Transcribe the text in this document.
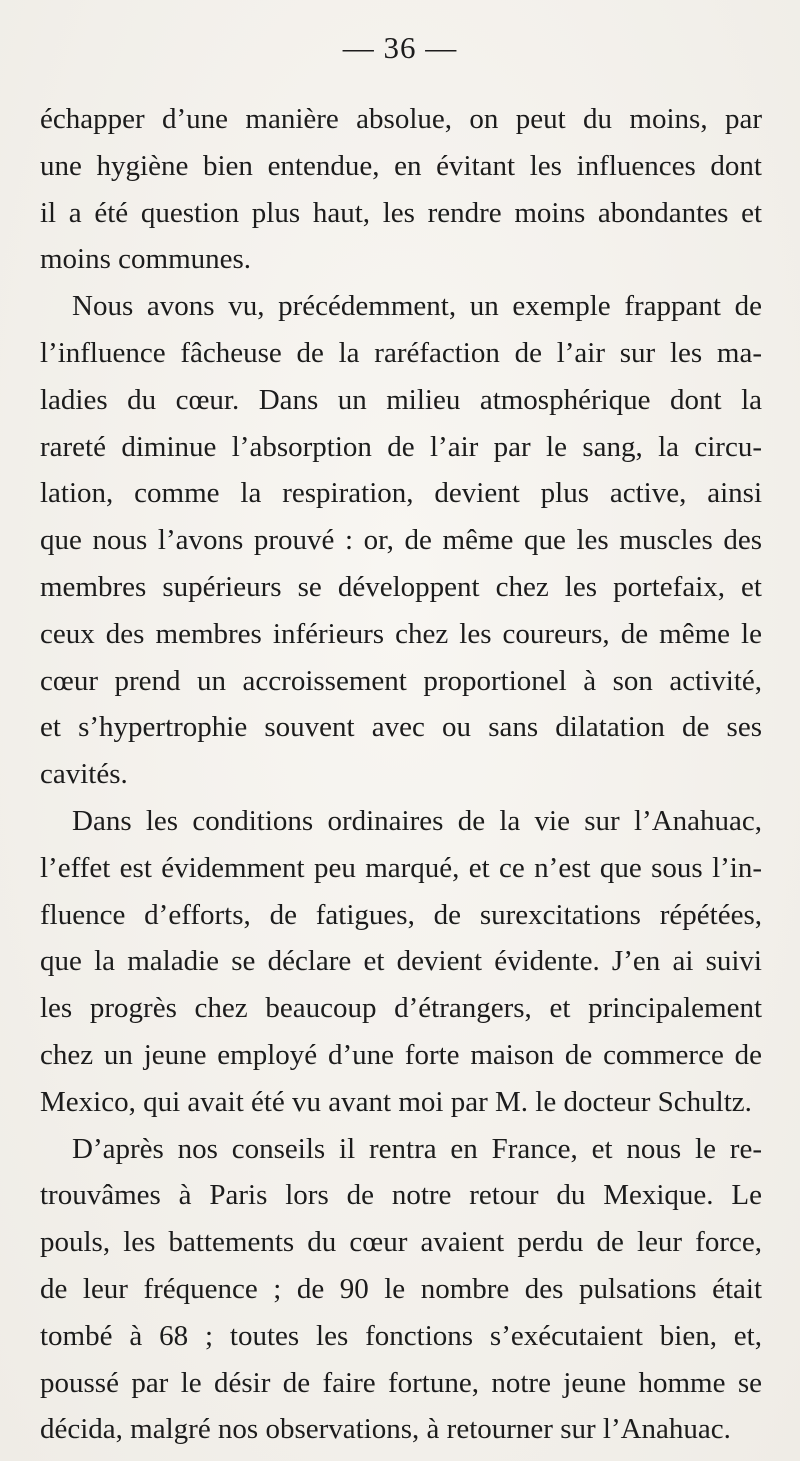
— 36 —
échapper d’une manière absolue, on peut du moins, par
une hygiène bien entendue, en évitant les influences dont
il a été question plus haut, les rendre moins abondantes et
moins communes.
Nous avons vu, précédemment, un exemple frappant de
l’influence fâcheuse de la raréfaction de l’air sur les ma-
ladies du cœur. Dans un milieu atmosphérique dont la
rareté diminue l’absorption de l’air par le sang, la circu-
lation, comme la respiration, devient plus active, ainsi
que nous l’avons prouvé : or, de même que les muscles des
membres supérieurs se développent chez les portefaix, et
ceux des membres inférieurs chez les coureurs, de même le
cœur prend un accroissement proportionel à son activité,
et s’hypertrophie souvent avec ou sans dilatation de ses
cavités.
Dans les conditions ordinaires de la vie sur l’Anahuac,
l’effet est évidemment peu marqué, et ce n’est que sous l’in-
fluence d’efforts, de fatigues, de surexcitations répétées,
que la maladie se déclare et devient évidente. J’en ai suivi
les progrès chez beaucoup d’étrangers, et principalement
chez un jeune employé d’une forte maison de commerce de
Mexico, qui avait été vu avant moi par M. le docteur Schultz.
D’après nos conseils il rentra en France, et nous le re-
trouvâmes à Paris lors de notre retour du Mexique. Le
pouls, les battements du cœur avaient perdu de leur force,
de leur fréquence ; de 90 le nombre des pulsations était
tombé à 68 ; toutes les fonctions s’exécutaient bien, et,
poussé par le désir de faire fortune, notre jeune homme se
décida, malgré nos observations, à retourner sur l’Anahuac.
